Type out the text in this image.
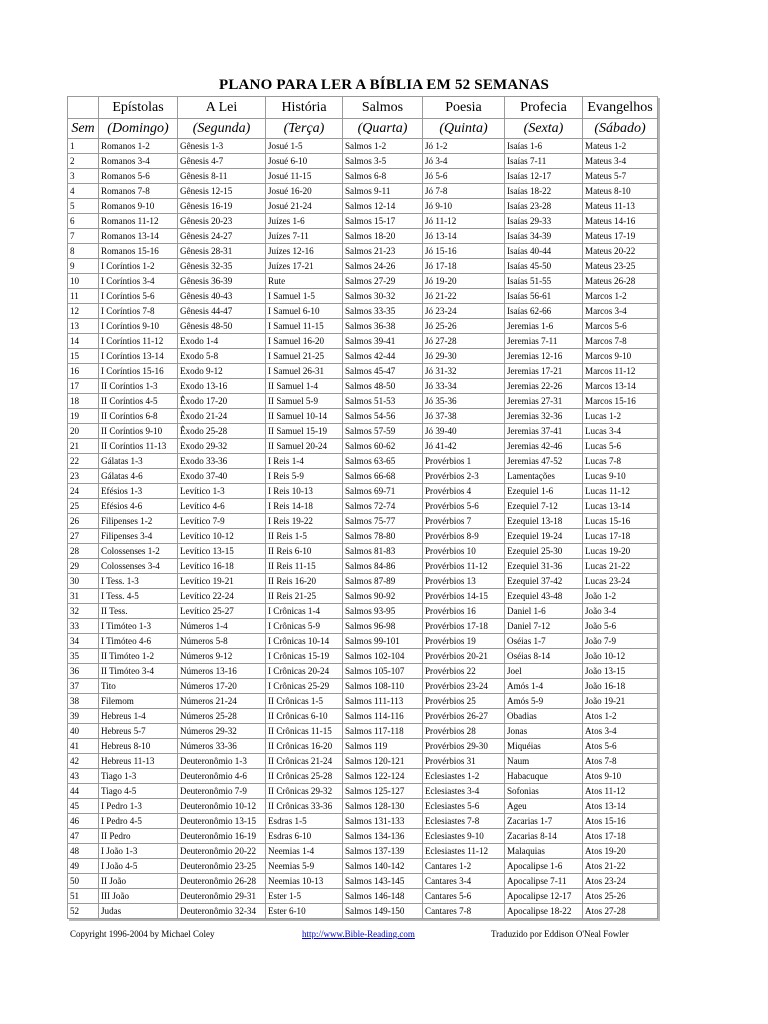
PLANO PARA LER A BÍBLIA EM 52 SEMANAS
	Epístolas	A Lei	História	Salmos	Poesia	Profecia	Evangelhos
Sem	(Domingo)	(Segunda)	(Terça)	(Quarta)	(Quinta)	(Sexta)	(Sábado)
1	Romanos 1-2	Gênesis 1-3	Josué 1-5	Salmos 1-2	Jó 1-2	Isaías 1-6	Mateus 1-2
2	Romanos 3-4	Gênesis 4-7	Josué 6-10	Salmos 3-5	Jó 3-4	Isaías 7-11	Mateus 3-4
3	Romanos 5-6	Gênesis 8-11	Josué 11-15	Salmos 6-8	Jó 5-6	Isaías 12-17	Mateus 5-7
4	Romanos 7-8	Gênesis 12-15	Josué 16-20	Salmos 9-11	Jó 7-8	Isaías 18-22	Mateus 8-10
5	Romanos 9-10	Gênesis 16-19	Josué 21-24	Salmos 12-14	Jó 9-10	Isaías 23-28	Mateus 11-13
6	Romanos 11-12	Gênesis 20-23	Juízes 1-6	Salmos 15-17	Jó 11-12	Isaías 29-33	Mateus 14-16
7	Romanos 13-14	Gênesis 24-27	Juízes 7-11	Salmos 18-20	Jó 13-14	Isaías 34-39	Mateus 17-19
8	Romanos 15-16	Gênesis 28-31	Juízes 12-16	Salmos 21-23	Jó 15-16	Isaías 40-44	Mateus 20-22
9	I Coríntios 1-2	Gênesis 32-35	Juízes 17-21	Salmos 24-26	Jó 17-18	Isaías 45-50	Mateus 23-25
10	I Coríntios 3-4	Gênesis 36-39	Rute	Salmos 27-29	Jó 19-20	Isaías 51-55	Mateus 26-28
11	I Coríntios 5-6	Gênesis 40-43	I Samuel 1-5	Salmos 30-32	Jó 21-22	Isaías 56-61	Marcos 1-2
12	I Coríntios 7-8	Gênesis 44-47	I Samuel 6-10	Salmos 33-35	Jó 23-24	Isaías 62-66	Marcos 3-4
13	I Coríntios 9-10	Gênesis 48-50	I Samuel 11-15	Salmos 36-38	Jó 25-26	Jeremias 1-6	Marcos 5-6
14	I Coríntios 11-12	Exodo 1-4	I Samuel 16-20	Salmos 39-41	Jó 27-28	Jeremias 7-11	Marcos 7-8
15	I Coríntios 13-14	Exodo 5-8	I Samuel 21-25	Salmos 42-44	Jó 29-30	Jeremias 12-16	Marcos 9-10
16	I Coríntios 15-16	Exodo 9-12	I Samuel 26-31	Salmos 45-47	Jó 31-32	Jeremias 17-21	Marcos 11-12
17	II Coríntios 1-3	Exodo 13-16	II Samuel 1-4	Salmos 48-50	Jó 33-34	Jeremias 22-26	Marcos 13-14
18	II Coríntios 4-5	Êxodo 17-20	II Samuel 5-9	Salmos 51-53	Jó 35-36	Jeremias 27-31	Marcos 15-16
19	II Coríntios 6-8	Êxodo 21-24	II Samuel 10-14	Salmos 54-56	Jó 37-38	Jeremias 32-36	Lucas 1-2
20	II Coríntios 9-10	Êxodo 25-28	II Samuel 15-19	Salmos 57-59	Jó 39-40	Jeremias 37-41	Lucas 3-4
21	II Coríntios 11-13	Exodo 29-32	II Samuel 20-24	Salmos 60-62	Jó 41-42	Jeremias 42-46	Lucas 5-6
22	Gálatas 1-3	Exodo 33-36	I Reis 1-4	Salmos 63-65	Provérbios 1	Jeremias 47-52	Lucas 7-8
23	Gálatas 4-6	Exodo 37-40	I Reis 5-9	Salmos 66-68	Provérbios 2-3	Lamentações	Lucas 9-10
24	Efésios 1-3	Levítico 1-3	I Reis 10-13	Salmos 69-71	Provérbios 4	Ezequiel 1-6	Lucas 11-12
25	Efésios 4-6	Levítico 4-6	I Reis 14-18	Salmos 72-74	Provérbios 5-6	Ezequiel 7-12	Lucas 13-14
26	Filipenses 1-2	Levítico 7-9	I Reis 19-22	Salmos 75-77	Provérbios 7	Ezequiel 13-18	Lucas 15-16
27	Filipenses 3-4	Levítico 10-12	II Reis 1-5	Salmos 78-80	Provérbios 8-9	Ezequiel 19-24	Lucas 17-18
28	Colossenses 1-2	Levítico 13-15	II Reis 6-10	Salmos 81-83	Provérbios 10	Ezequiel 25-30	Lucas 19-20
29	Colossenses 3-4	Levítico 16-18	II Reis 11-15	Salmos 84-86	Provérbios 11-12	Ezequiel 31-36	Lucas 21-22
30	I Tess. 1-3	Levítico 19-21	II Reis 16-20	Salmos 87-89	Provérbios 13	Ezequiel 37-42	Lucas 23-24
31	I Tess. 4-5	Levítico 22-24	II Reis 21-25	Salmos 90-92	Provérbios 14-15	Ezequiel 43-48	João 1-2
32	II Tess.	Levítico 25-27	I Crônicas 1-4	Salmos 93-95	Provérbios 16	Daniel 1-6	João 3-4
33	I Timóteo 1-3	Números 1-4	I Crônicas 5-9	Salmos 96-98	Provérbios 17-18	Daniel 7-12	João 5-6
34	I Timóteo 4-6	Números 5-8	I Crônicas 10-14	Salmos 99-101	Provérbios 19	Oséias 1-7	João 7-9
35	II Timóteo 1-2	Números 9-12	I Crônicas 15-19	Salmos 102-104	Provérbios 20-21	Oséias 8-14	João 10-12
36	II Timóteo 3-4	Números 13-16	I Crônicas 20-24	Salmos 105-107	Provérbios 22	Joel	João 13-15
37	Tito	Números 17-20	I Crônicas 25-29	Salmos 108-110	Provérbios 23-24	Amós 1-4	João 16-18
38	Filemom	Números 21-24	II Crônicas 1-5	Salmos 111-113	Provérbios 25	Amós 5-9	João 19-21
39	Hebreus 1-4	Números 25-28	II Crônicas 6-10	Salmos 114-116	Provérbios 26-27	Obadias	Atos 1-2
40	Hebreus 5-7	Números 29-32	II Crônicas 11-15	Salmos 117-118	Provérbios 28	Jonas	Atos 3-4
41	Hebreus 8-10	Números 33-36	II Crônicas 16-20	Salmos 119	Provérbios 29-30	Miquéias	Atos 5-6
42	Hebreus 11-13	Deuteronômio 1-3	II Crônicas 21-24	Salmos 120-121	Provérbios 31	Naum	Atos 7-8
43	Tiago 1-3	Deuteronômio 4-6	II Crônicas 25-28	Salmos 122-124	Eclesiastes 1-2	Habacuque	Atos 9-10
44	Tiago 4-5	Deuteronômio 7-9	II Crônicas 29-32	Salmos 125-127	Eclesiastes 3-4	Sofonias	Atos 11-12
45	I Pedro 1-3	Deuteronômio 10-12	II Crônicas 33-36	Salmos 128-130	Eclesiastes 5-6	Ageu	Atos 13-14
46	I Pedro 4-5	Deuteronômio 13-15	Esdras 1-5	Salmos 131-133	Eclesiastes 7-8	Zacarias 1-7	Atos 15-16
47	II Pedro	Deuteronômio 16-19	Esdras 6-10	Salmos 134-136	Eclesiastes 9-10	Zacarias 8-14	Atos 17-18
48	I João 1-3	Deuteronômio 20-22	Neemias 1-4	Salmos 137-139	Eclesiastes 11-12	Malaquias	Atos 19-20
49	I João 4-5	Deuteronômio 23-25	Neemias 5-9	Salmos 140-142	Cantares 1-2	Apocalipse 1-6	Atos 21-22
50	II João	Deuteronômio 26-28	Neemias 10-13	Salmos 143-145	Cantares 3-4	Apocalipse 7-11	Atos 23-24
51	III João	Deuteronômio 29-31	Ester 1-5	Salmos 146-148	Cantares 5-6	Apocalipse 12-17	Atos 25-26
52	Judas	Deuteronômio 32-34	Ester 6-10	Salmos 149-150	Cantares 7-8	Apocalipse 18-22	Atos 27-28
Copyright 1996-2004 by Michael Coley	http://www.Bible-Reading.com	Traduzido por Eddison O'Neal Fowler
